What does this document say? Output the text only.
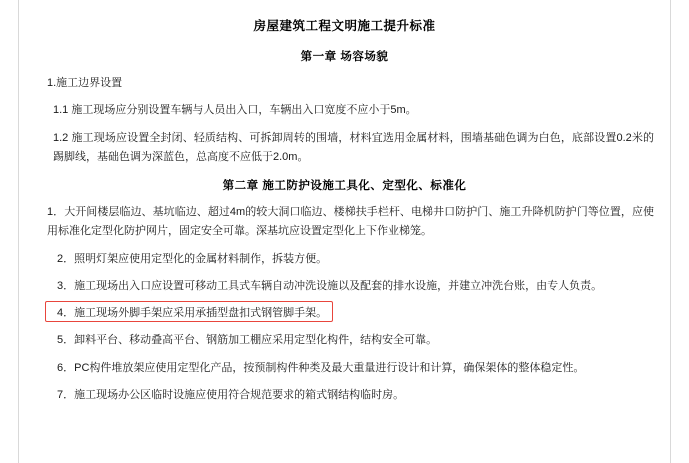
房屋建筑工程文明施工提升标准
第一章 场容场貌
1.施工边界设置
1.1 施工现场应分别设置车辆与人员出入口，车辆出入口宽度不应小于5m。
1.2 施工现场应设置全封闭、轻质结构、可拆卸周转的围墙，材料宜选用金属材料，围墙基础色调为白色，底部设置0.2米的踢脚线，基础色调为深蓝色，总高度不应低于2.0m。
第二章 施工防护设施工具化、定型化、标准化
1．大开间楼层临边、基坑临边、超过4m的较大洞口临边、楼梯扶手栏杆、电梯井口防护门、施工升降机防护门等位置，应使用标准化定型化防护网片，固定安全可靠。深基坑应设置定型化上下作业梯笼。
2．照明灯架应使用定型化的金属材料制作，拆装方便。
3．施工现场出入口应设置可移动工具式车辆自动冲洗设施以及配套的排水设施，并建立冲洗台账，由专人负责。
4．施工现场外脚手架应采用承插型盘扣式钢管脚手架。
5．卸料平台、移动叠高平台、钢筋加工棚应采用定型化构件，结构安全可靠。
6．PC构件堆放架应使用定型化产品，按预制构件种类及最大重量进行设计和计算，确保架体的整体稳定性。
7．施工现场办公区临时设施应使用符合规范要求的箱式钢结构临时房。
